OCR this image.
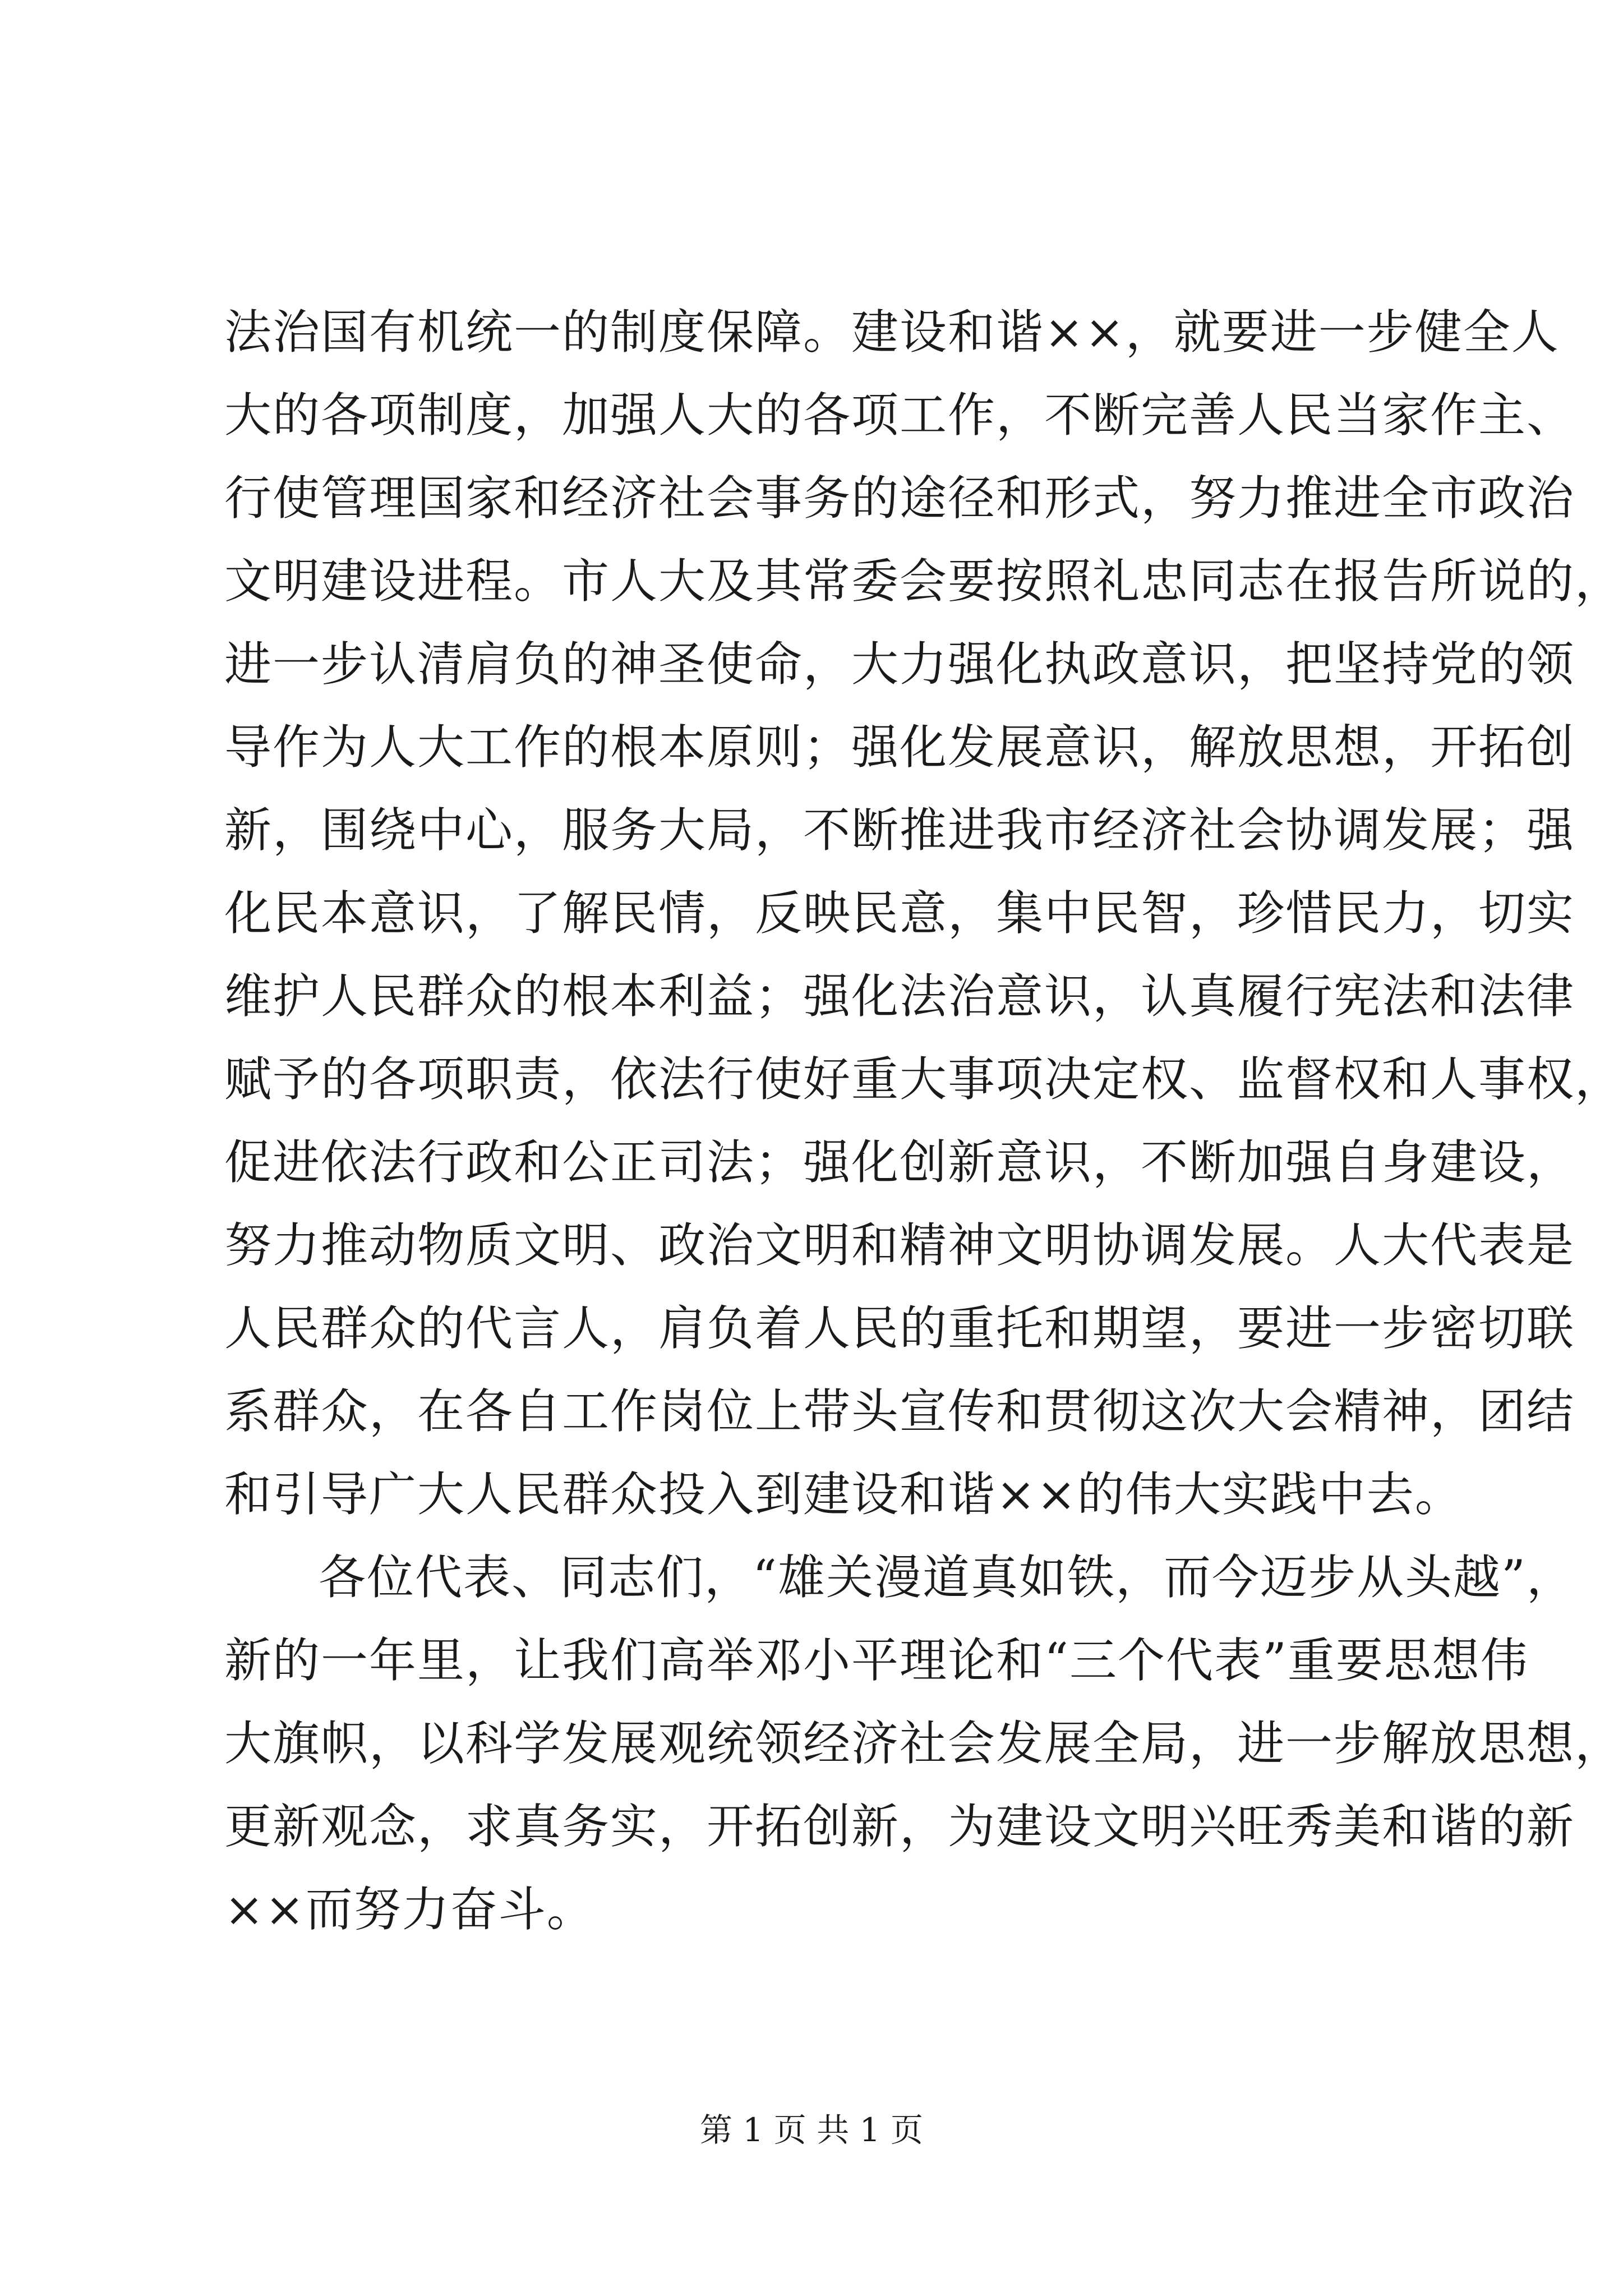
法治国有机统一的制度保障。建设和谐××，就要进一步健全人
大的各项制度，加强人大的各项工作，不断完善人民当家作主、
行使管理国家和经济社会事务的途径和形式，努力推进全市政治
文明建设进程。市人大及其常委会要按照礼忠同志在报告所说的，
进一步认清肩负的神圣使命，大力强化执政意识，把坚持党的领
导作为人大工作的根本原则；强化发展意识，解放思想，开拓创
新，围绕中心，服务大局，不断推进我市经济社会协调发展；强
化民本意识，了解民情，反映民意，集中民智，珍惜民力，切实
维护人民群众的根本利益；强化法治意识，认真履行宪法和法律
赋予的各项职责，依法行使好重大事项决定权、监督权和人事权，
促进依法行政和公正司法；强化创新意识，不断加强自身建设，
努力推动物质文明、政治文明和精神文明协调发展。人大代表是
人民群众的代言人，肩负着人民的重托和期望，要进一步密切联
系群众，在各自工作岗位上带头宣传和贯彻这次大会精神，团结
和引导广大人民群众投入到建设和谐××的伟大实践中去。
各位代表、同志们，“雄关漫道真如铁，而今迈步从头越”，
新的一年里，让我们高举邓小平理论和“三个代表”重要思想伟
大旗帜，以科学发展观统领经济社会发展全局，进一步解放思想，
更新观念，求真务实，开拓创新，为建设文明兴旺秀美和谐的新
××而努力奋斗。
第 1 页 共 1 页
